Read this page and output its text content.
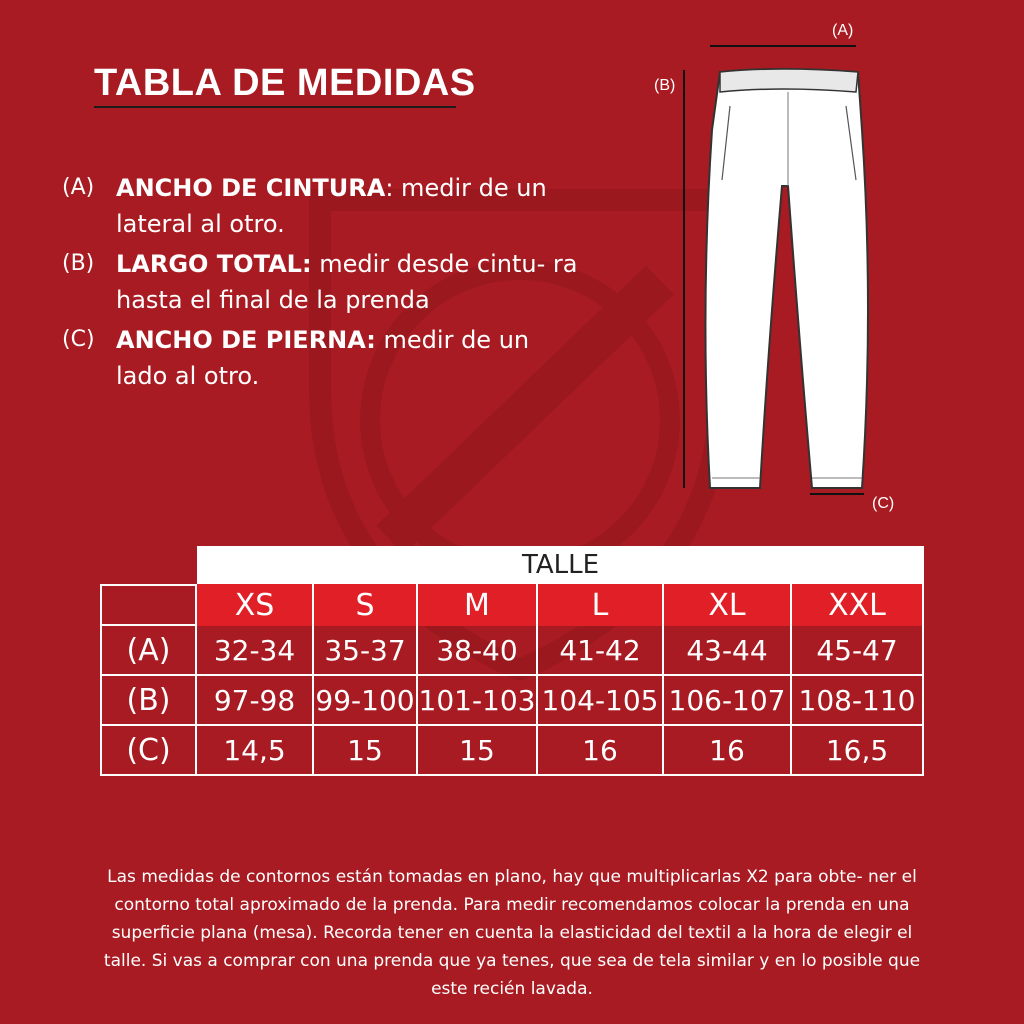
TABLA DE MEDIDAS
(A) ANCHO DE CINTURA: medir de un lateral al otro.
(B) LARGO TOTAL: medir desde cintu- ra hasta el final de la prenda
(C) ANCHO DE PIERNA: medir de un lado al otro.
(A)
(B)
(C)
TALLE
XS	S	M	L	XL	XXL
(A)	32-34	35-37	38-40	41-42	43-44	45-47
(B)	97-98 99-100 101-103 104-105 106-107 108-110
(C)	14,5	15	15	16	16	16,5

Las medidas de contornos están tomadas en plano, hay que multiplicarlas X2 para obte- ner el contorno total aproximado de la prenda. Para medir recomendamos colocar la prenda en una superficie plana (mesa). Recorda tener en cuenta la elasticidad del textil a la hora de elegir el talle. Si vas a comprar con una prenda que ya tenes, que sea de tela similar y en lo posible que este recién lavada.
